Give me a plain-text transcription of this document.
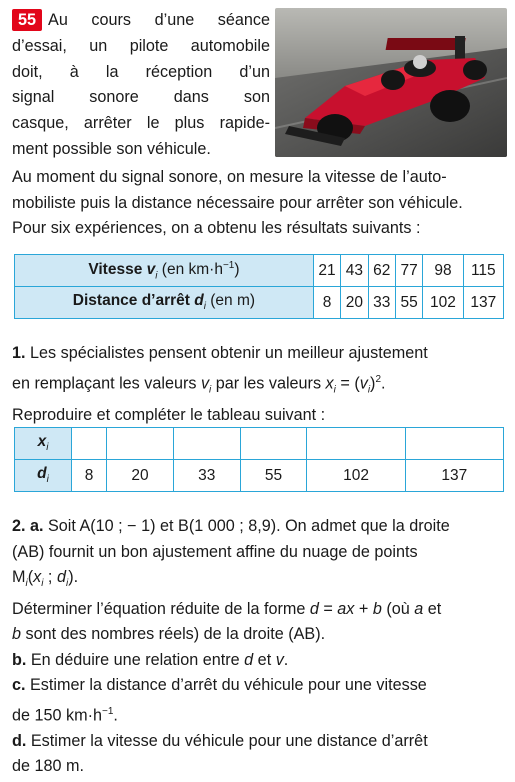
55 Au cours d’une séance
d’essai, un pilote automobile
doit, à la réception d’un
signal sonore dans son
casque, arrêter le plus rapide-
ment possible son véhicule.
Au moment du signal sonore, on mesure la vitesse de l’auto-
mobiliste puis la distance nécessaire pour arrêter son véhicule.
Pour six expériences, on a obtenu les résultats suivants :
Vitesse $v_i$ (en $km\cdot h^{-1}$)	21	43	62	77	98	115
Distance d’arrêt $d_i$ (en m)	8	20	33	55	102	137
1. Les spécialistes pensent obtenir un meilleur ajustement
en remplaçant les valeurs $v_i$ par les valeurs $x_i = (v_i)^2$.
Reproduire et compléter le tableau suivant :
$x_i$						
$d_i$	8	20	33	55	102	137
2. a. Soit A(10 ; − 1) et B(1 000 ; 8,9). On admet que la droite
(AB) fournit un bon ajustement affine du nuage de points
$M_i(x_i$ ; $d_i$).
Déterminer l’équation réduite de la forme d = ax + b (où a et
b sont des nombres réels) de la droite (AB).
b. En déduire une relation entre d et v.
c. Estimer la distance d’arrêt du véhicule pour une vitesse
de 150 $km\cdot h^{-1}$.
d. Estimer la vitesse du véhicule pour une distance d’arrêt
de 180 m.
